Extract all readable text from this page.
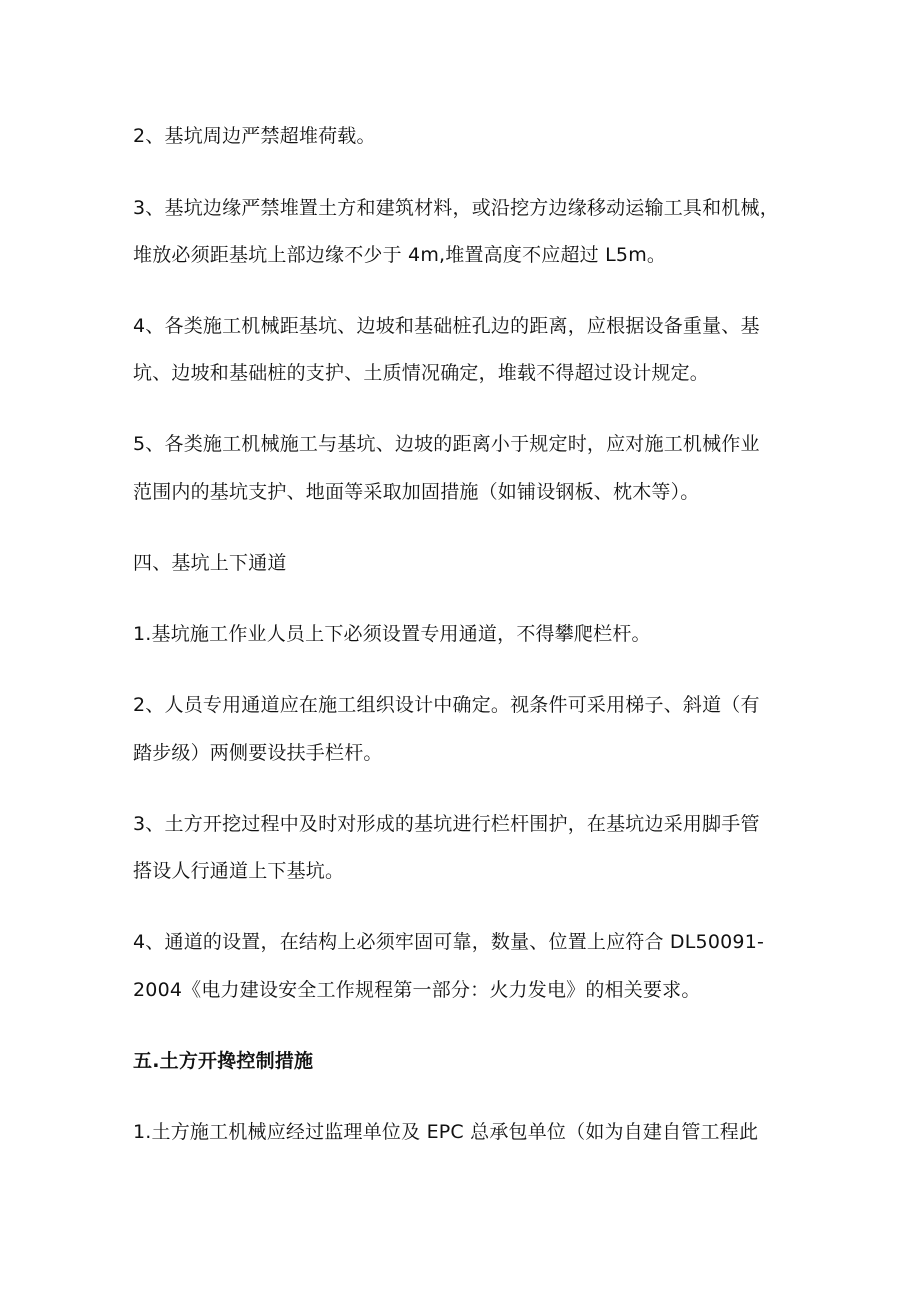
2、基坑周边严禁超堆荷载。
3、基坑边缘严禁堆置土方和建筑材料，或沿挖方边缘移动运输工具和机械，
堆放必须距基坑上部边缘不少于 4m,堆置高度不应超过 L5m。
4、各类施工机械距基坑、边坡和基础桩孔边的距离，应根据设备重量、基
坑、边坡和基础桩的支护、土质情况确定，堆载不得超过设计规定。
5、各类施工机械施工与基坑、边坡的距离小于规定时，应对施工机械作业
范围内的基坑支护、地面等采取加固措施（如铺设钢板、枕木等）。
四、基坑上下通道
1.基坑施工作业人员上下必须设置专用通道，不得攀爬栏杆。
2、人员专用通道应在施工组织设计中确定。视条件可采用梯子、斜道（有
踏步级）两侧要设扶手栏杆。
3、土方开挖过程中及时对形成的基坑进行栏杆围护，在基坑边采用脚手管
搭设人行通道上下基坑。
4、通道的设置，在结构上必须牢固可靠，数量、位置上应符合 DL50091-
2004《电力建设安全工作规程第一部分：火力发电》的相关要求。
五.土方开搀控制措施
1.土方施工机械应经过监理单位及 EPC 总承包单位（如为自建自管工程此
